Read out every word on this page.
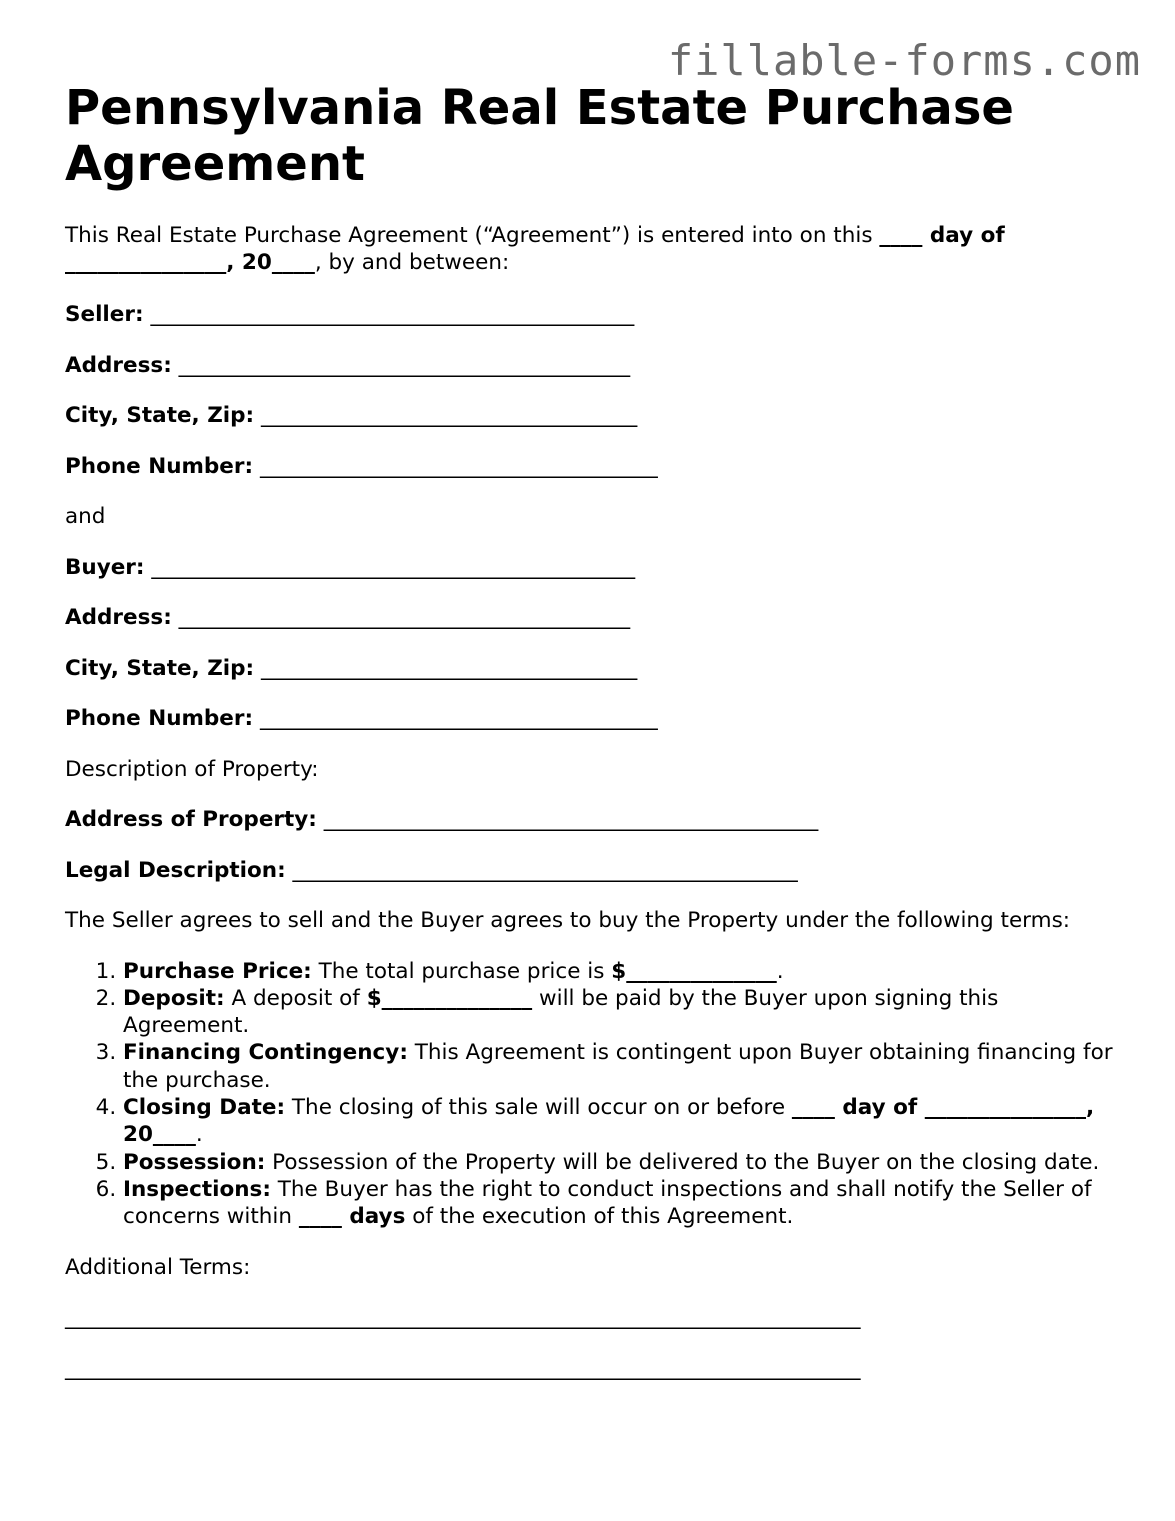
fillable-forms.com
Pennsylvania Real Estate Purchase Agreement
This Real Estate Purchase Agreement (“Agreement”) is entered into on this ____ day of
_______________, 20____, by and between:
Seller: _____________________________________________
Address: __________________________________________
City, State, Zip: ___________________________________
Phone Number: _____________________________________
and
Buyer: _____________________________________________
Address: __________________________________________
City, State, Zip: ___________________________________
Phone Number: _____________________________________
Description of Property:
Address of Property: ______________________________________________
Legal Description: _______________________________________________
The Seller agrees to sell and the Buyer agrees to buy the Property under the following terms:
1. Purchase Price: The total purchase price is $______________.
2. Deposit: A deposit of $______________ will be paid by the Buyer upon signing this Agreement.
3. Financing Contingency: This Agreement is contingent upon Buyer obtaining financing for the purchase.
4. Closing Date: The closing of this sale will occur on or before ____ day of _______________, 20____.
5. Possession: Possession of the Property will be delivered to the Buyer on the closing date.
6. Inspections: The Buyer has the right to conduct inspections and shall notify the Seller of concerns within ____ days of the execution of this Agreement.
Additional Terms:
__________________________________________________________________________
__________________________________________________________________________
